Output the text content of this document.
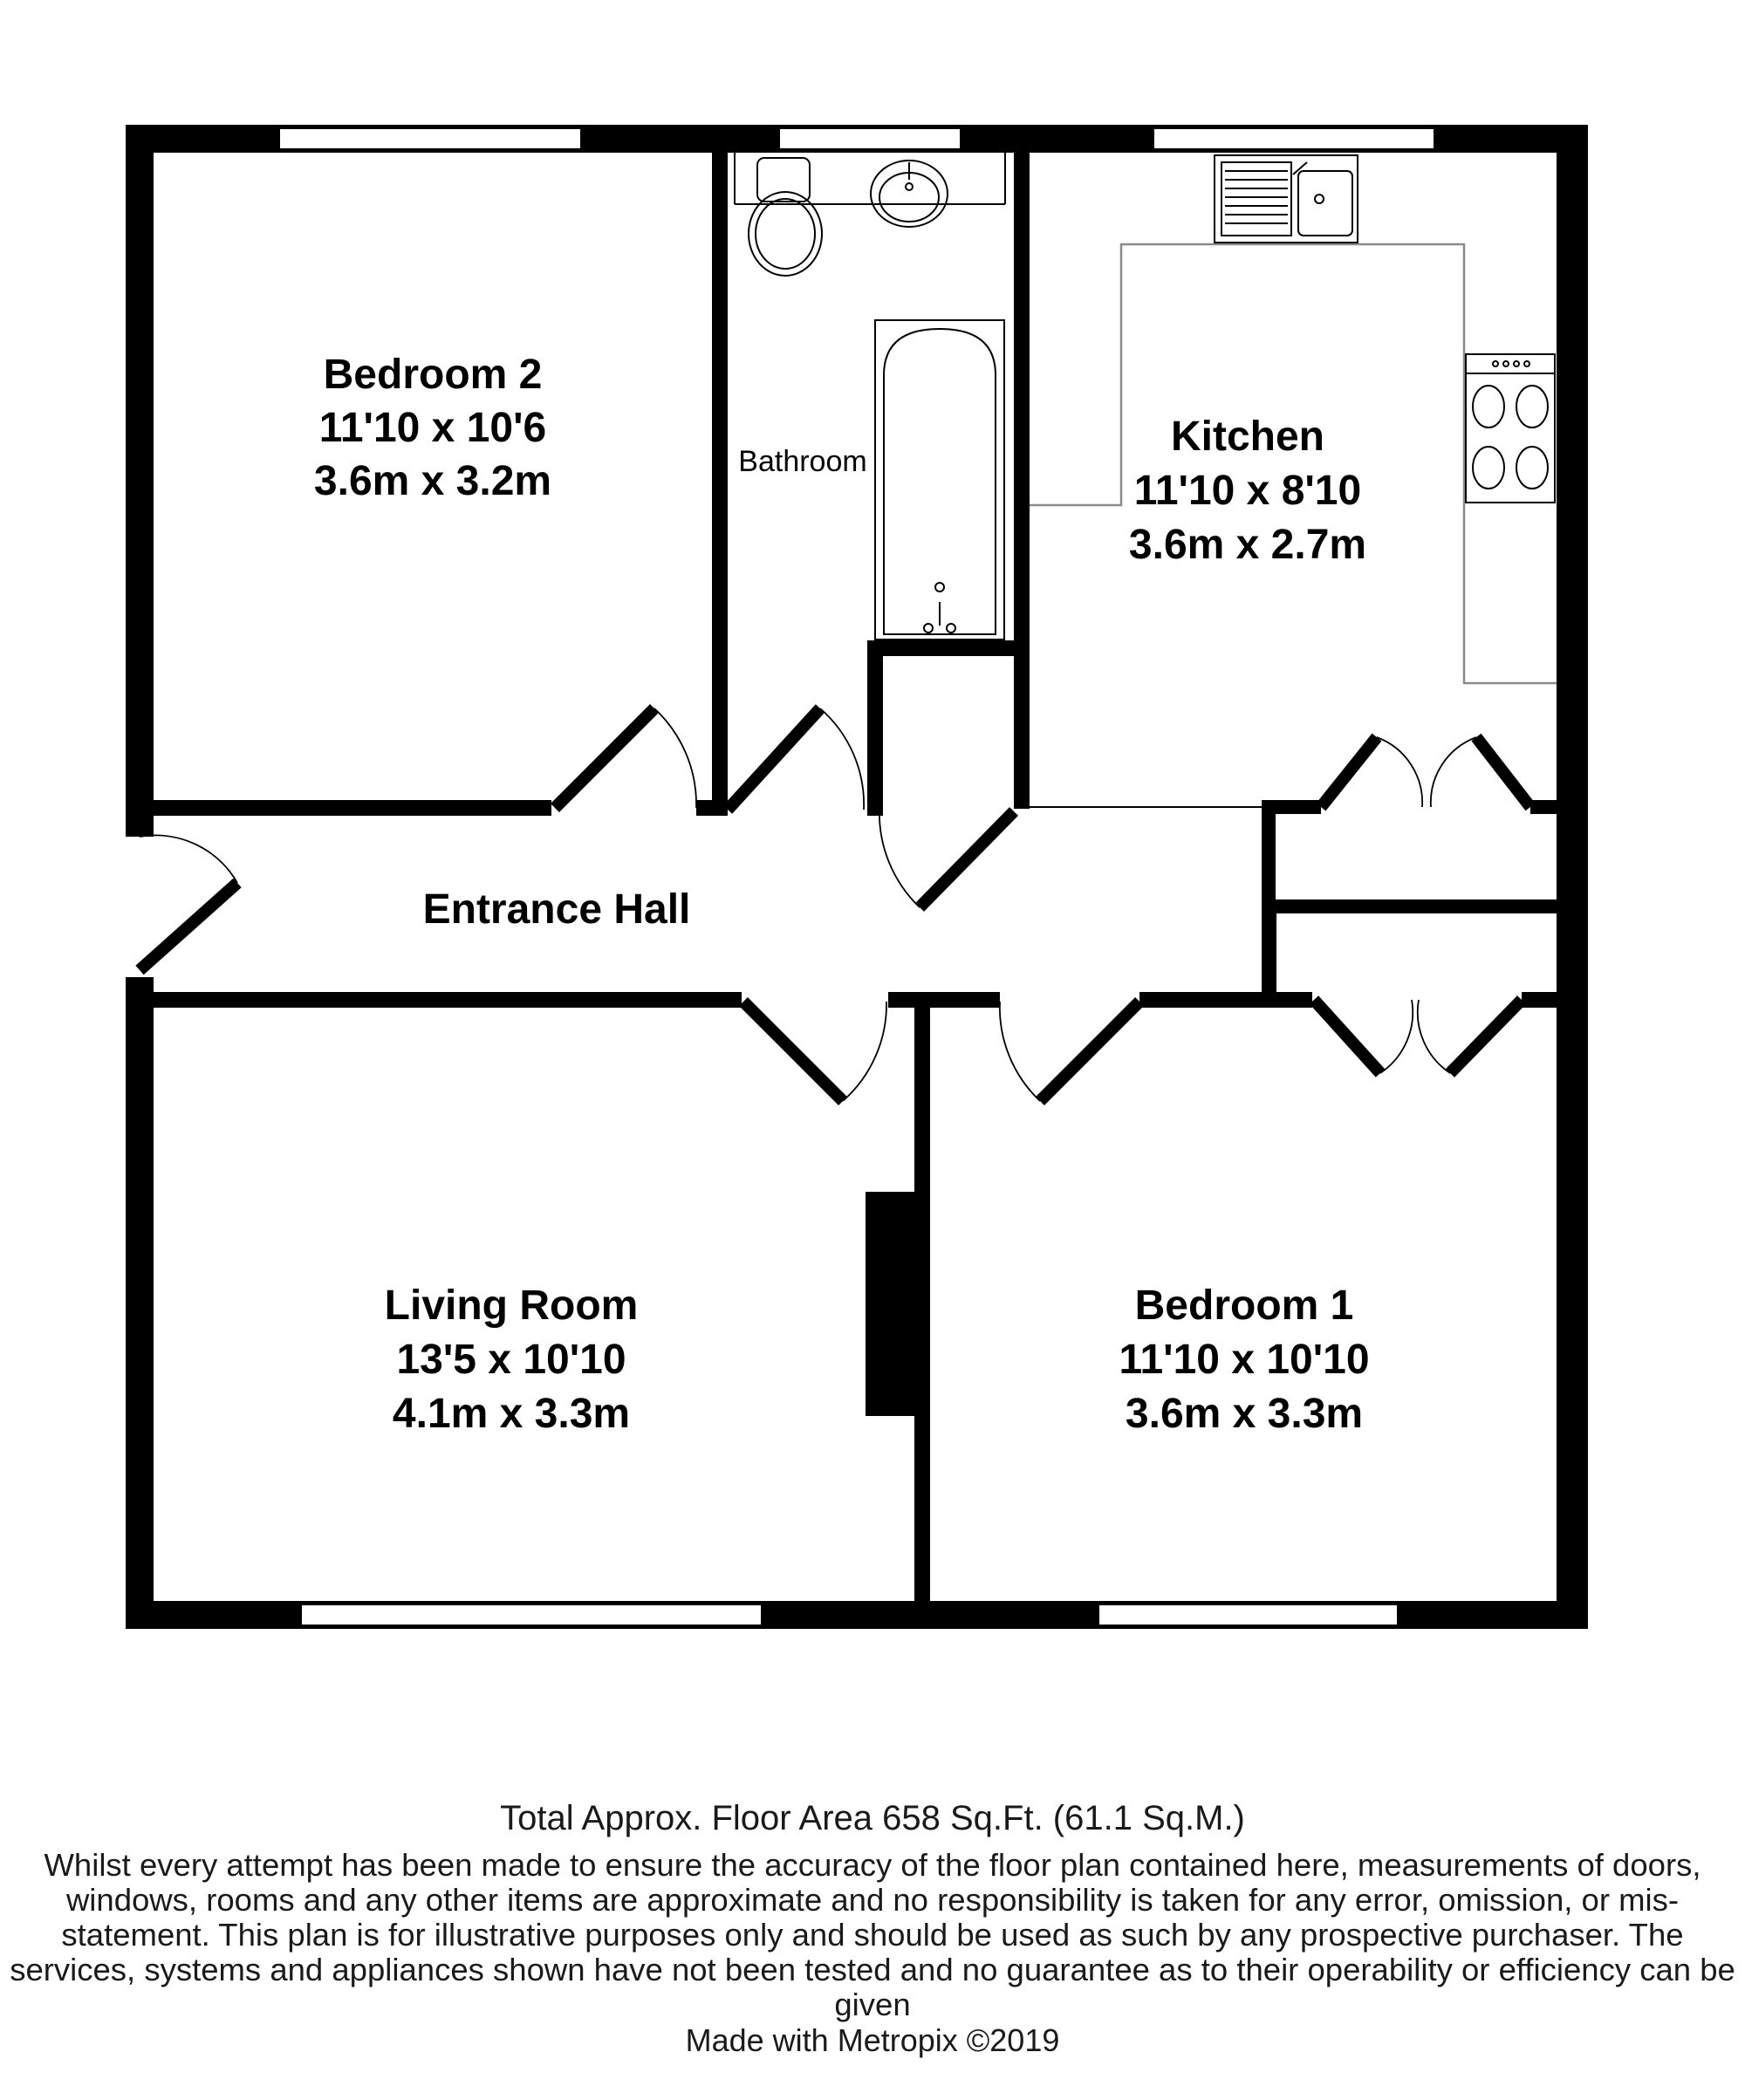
Bedroom 2
11'10 x 10'6
3.6m x 3.2m	Bathroom
Kitchen
11'10 x 8'10
3.6m x 2.7m
Entrance Hall
Living Room
13'5 x 10'10
4.1m x 3.3m
Bedroom 1
11'10 x 10'10
3.6m x 3.3m
Total Approx. Floor Area 658 Sq.Ft. (61.1 Sq.M.)
Whilst every attempt has been made to ensure the accuracy of the floor plan contained here, measurements of doors, windows, rooms and any other items are approximate and no responsibility is taken for any error, omission, or mis-statement. This plan is for illustrative purposes only and should be used as such by any prospective purchaser. The services, systems and appliances shown have not been tested and no guarantee as to their operability or efficiency can be given
Made with Metropix ©2019
